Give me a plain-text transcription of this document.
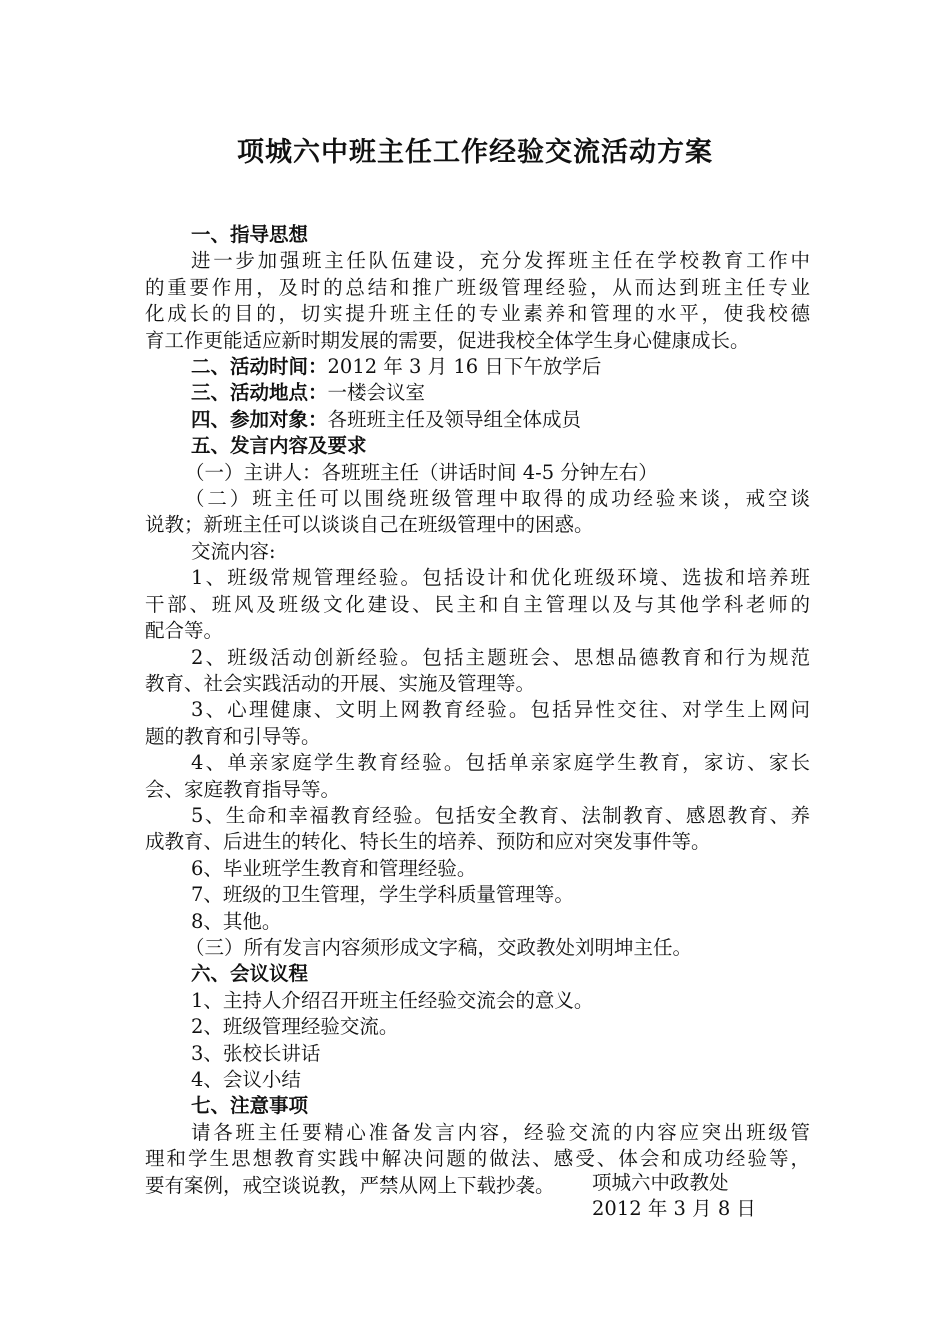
项城六中班主任工作经验交流活动方案

一、指导思想

进一步加强班主任队伍建设，充分发挥班主任在学校教育工作中

的重要作用，及时的总结和推广班级管理经验，从而达到班主任专业

化成长的目的，切实提升班主任的专业素养和管理的水平，使我校德

育工作更能适应新时期发展的需要，促进我校全体学生身心健康成长。

二、活动时间：2012 年 3 月 16 日下午放学后

三、活动地点：一楼会议室

四、参加对象：各班班主任及领导组全体成员

五、发言内容及要求

（一）主讲人：各班班主任（讲话时间 4-5 分钟左右）

（二）班主任可以围绕班级管理中取得的成功经验来谈，戒空谈

说教；新班主任可以谈谈自己在班级管理中的困惑。

交流内容:

1、班级常规管理经验。包括设计和优化班级环境、选拔和培养班

干部、班风及班级文化建设、民主和自主管理以及与其他学科老师的

配合等。

2、班级活动创新经验。包括主题班会、思想品德教育和行为规范

教育、社会实践活动的开展、实施及管理等。

3、心理健康、文明上网教育经验。包括异性交往、对学生上网问

题的教育和引导等。

4、单亲家庭学生教育经验。包括单亲家庭学生教育，家访、家长

会、家庭教育指导等。

5、生命和幸福教育经验。包括安全教育、法制教育、感恩教育、养

成教育、后进生的转化、特长生的培养、预防和应对突发事件等。

6、毕业班学生教育和管理经验。

7、班级的卫生管理，学生学科质量管理等。

8、其他。

（三）所有发言内容须形成文字稿，交政教处刘明坤主任。

六、会议议程

1、主持人介绍召开班主任经验交流会的意义。

2、班级管理经验交流。

3、张校长讲话

4、会议小结

七、注意事项

请各班主任要精心准备发言内容，经验交流的内容应突出班级管

理和学生思想教育实践中解决问题的做法、感受、体会和成功经验等，

要有案例，戒空谈说教，严禁从网上下载抄袭。	项城六中政教处

2012 年 3 月 8 日
